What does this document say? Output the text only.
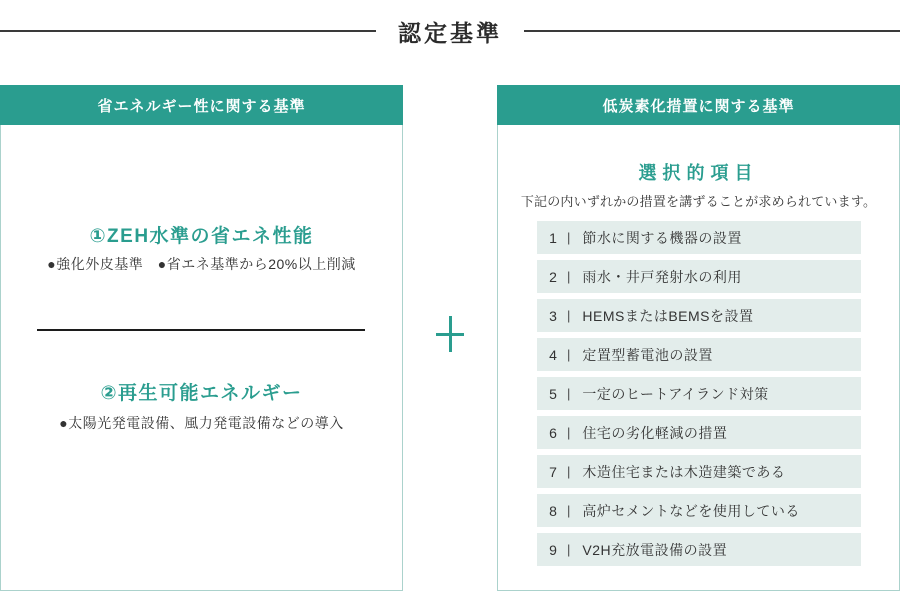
認定基準
省エネルギー性に関する基準
①ZEH水準の省エネ性能

●強化外皮基準　●省エネ基準から20%以上削減

②再生可能エネルギー

●太陽光発電設備、風力発電設備などの導入

低炭素化措置に関する基準
選択的項目

下記の内いずれかの措置を講ずることが求められています。

1 | 節水に関する機器の設置
2 | 雨水・井戸発射水の利用
3 | HEMSまたはBEMSを設置
4 | 定置型蓄電池の設置
5 | 一定のヒートアイランド対策
6 | 住宅の劣化軽減の措置
7 | 木造住宅または木造建築である
8 | 高炉セメントなどを使用している
9 | V2H充放電設備の設置
